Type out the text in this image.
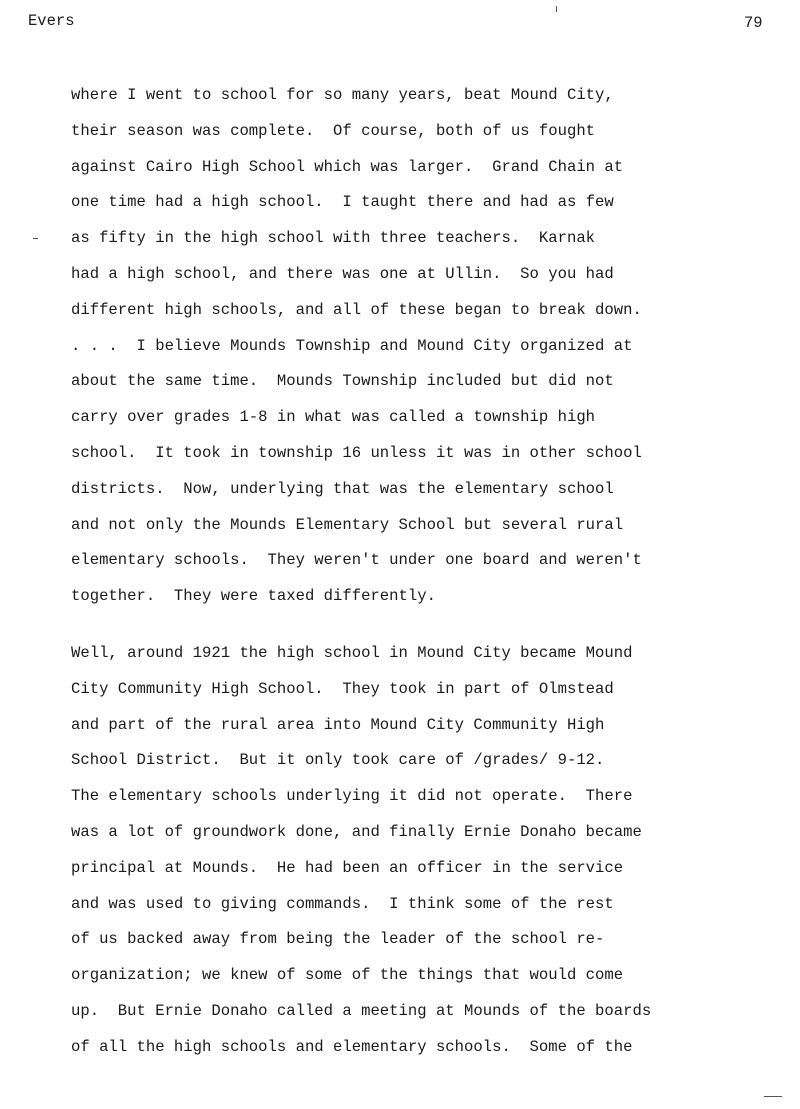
Evers	79
where I went to school for so many years, beat Mound City,
their season was complete.  Of course, both of us fought
against Cairo High School which was larger.  Grand Chain at
one time had a high school.  I taught there and had as few
as fifty in the high school with three teachers.  Karnak
had a high school, and there was one at Ullin.  So you had
different high schools, and all of these began to break down.
. . .  I believe Mounds Township and Mound City organized at
about the same time.  Mounds Township included but did not
carry over grades 1-8 in what was called a township high
school.  It took in township 16 unless it was in other school
districts.  Now, underlying that was the elementary school
and not only the Mounds Elementary School but several rural
elementary schools.  They weren't under one board and weren't
together.  They were taxed differently.
Well, around 1921 the high school in Mound City became Mound
City Community High School.  They took in part of Olmstead
and part of the rural area into Mound City Community High
School District.  But it only took care of /grades/ 9-12.
The elementary schools underlying it did not operate.  There
was a lot of groundwork done, and finally Ernie Donaho became
principal at Mounds.  He had been an officer in the service
and was used to giving commands.  I think some of the rest
of us backed away from being the leader of the school re-
organization; we knew of some of the things that would come
up.  But Ernie Donaho called a meeting at Mounds of the boards
of all the high schools and elementary schools.  Some of the
